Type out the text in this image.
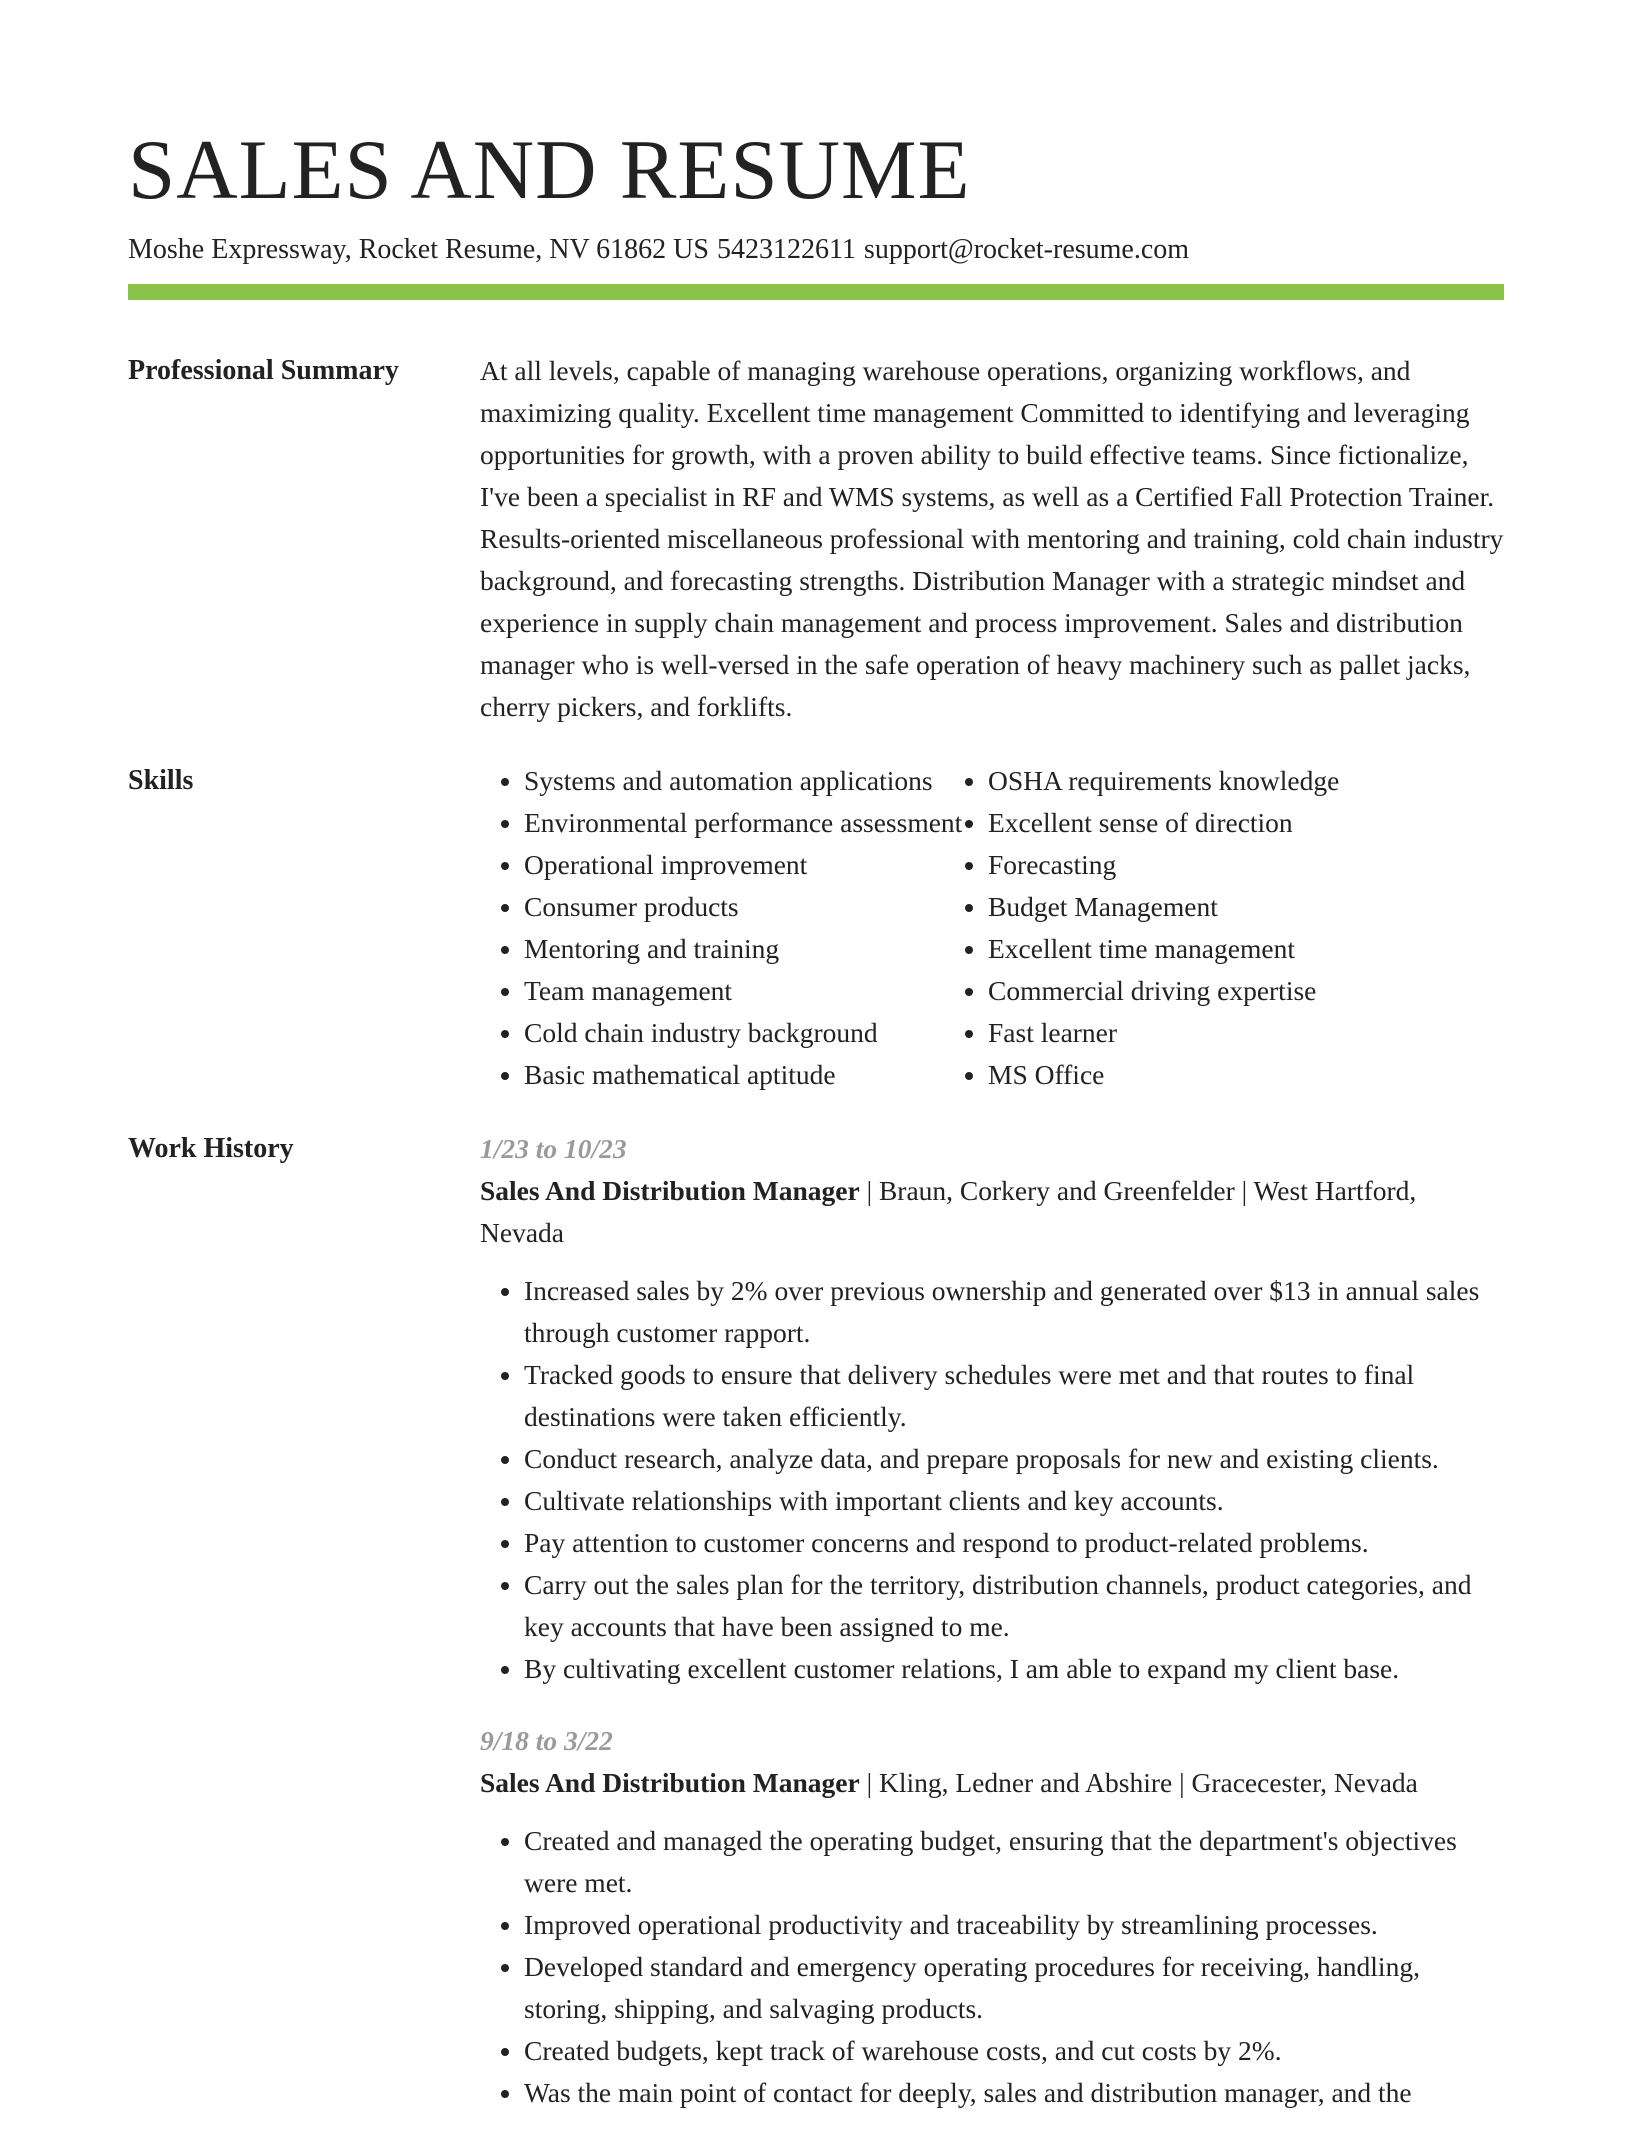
SALES AND RESUME
Moshe Expressway, Rocket Resume, NV 61862 US 5423122611 support@rocket-resume.com
Professional Summary	At all levels, capable of managing warehouse operations, organizing workflows, and maximizing quality. Excellent time management Committed to identifying and leveraging opportunities for growth, with a proven ability to build effective teams. Since fictionalize, I've been a specialist in RF and WMS systems, as well as a Certified Fall Protection Trainer. Results-oriented miscellaneous professional with mentoring and training, cold chain industry background, and forecasting strengths. Distribution Manager with a strategic mindset and experience in supply chain management and process improvement. Sales and distribution manager who is well-versed in the safe operation of heavy machinery such as pallet jacks, cherry pickers, and forklifts.

Skills
•	Systems and automation applications
• Environmental performance assessment
• Operational improvement
• Consumer products
• Mentoring and training
• Team management
• Cold chain industry background
• Basic mathematical aptitude
• OSHA requirements knowledge
• Excellent sense of direction
• Forecasting
• Budget Management
• Excellent time management
• Commercial driving expertise
• Fast learner
• MS Office
Work History	1/23 to 10/23
Sales And Distribution Manager | Braun, Corkery and Greenfelder | West Hartford, Nevada
• Increased sales by 2% over previous ownership and generated over $13 in annual sales through customer rapport.
• Tracked goods to ensure that delivery schedules were met and that routes to final destinations were taken efficiently.
• Conduct research, analyze data, and prepare proposals for new and existing clients.
• Cultivate relationships with important clients and key accounts.
• Pay attention to customer concerns and respond to product-related problems.
• Carry out the sales plan for the territory, distribution channels, product categories, and key accounts that have been assigned to me.
• By cultivating excellent customer relations, I am able to expand my client base.
9/18 to 3/22
Sales And Distribution Manager | Kling, Ledner and Abshire | Gracecester, Nevada
• Created and managed the operating budget, ensuring that the department's objectives were met.
• Improved operational productivity and traceability by streamlining processes.
• Developed standard and emergency operating procedures for receiving, handling, storing, shipping, and salvaging products.
• Created budgets, kept track of warehouse costs, and cut costs by 2%.
• Was the main point of contact for deeply, sales and distribution manager, and the
